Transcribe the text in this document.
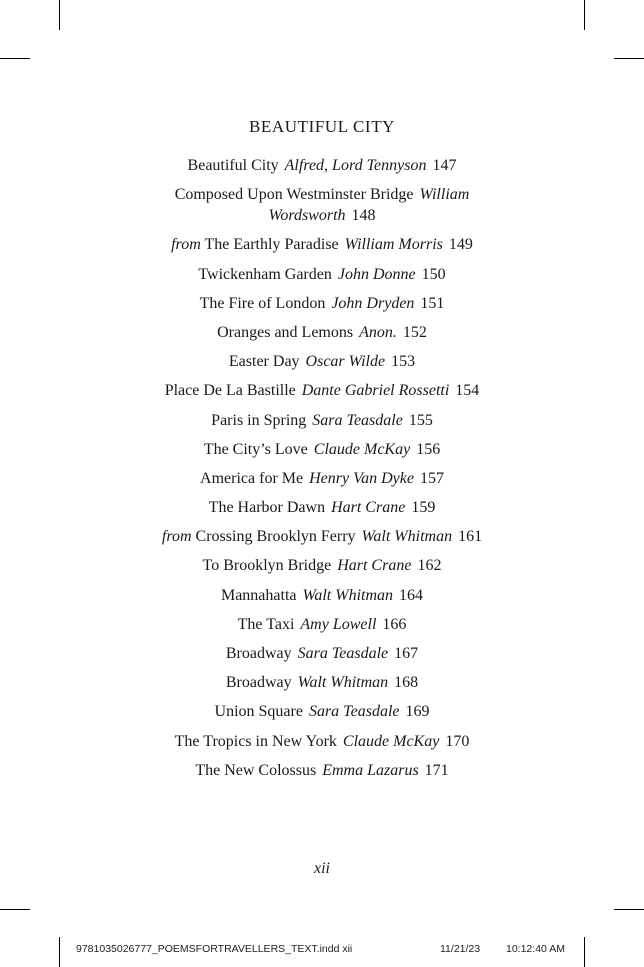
BEAUTIFUL CITY
Beautiful City Alfred, Lord Tennyson 147
Composed Upon Westminster Bridge William Wordsworth 148
from The Earthly Paradise William Morris 149
Twickenham Garden John Donne 150
The Fire of London John Dryden 151
Oranges and Lemons Anon. 152
Easter Day Oscar Wilde 153
Place De La Bastille Dante Gabriel Rossetti 154
Paris in Spring Sara Teasdale 155
The City’s Love Claude McKay 156
America for Me Henry Van Dyke 157
The Harbor Dawn Hart Crane 159
from Crossing Brooklyn Ferry Walt Whitman 161
To Brooklyn Bridge Hart Crane 162
Mannahatta Walt Whitman 164
The Taxi Amy Lowell 166
Broadway Sara Teasdale 167
Broadway Walt Whitman 168
Union Square Sara Teasdale 169
The Tropics in New York Claude McKay 170
The New Colossus Emma Lazarus 171
xii
9781035026777_POEMSFORTRAVELLERS_TEXT.indd xii	11/21/23 10:12:40 AM
